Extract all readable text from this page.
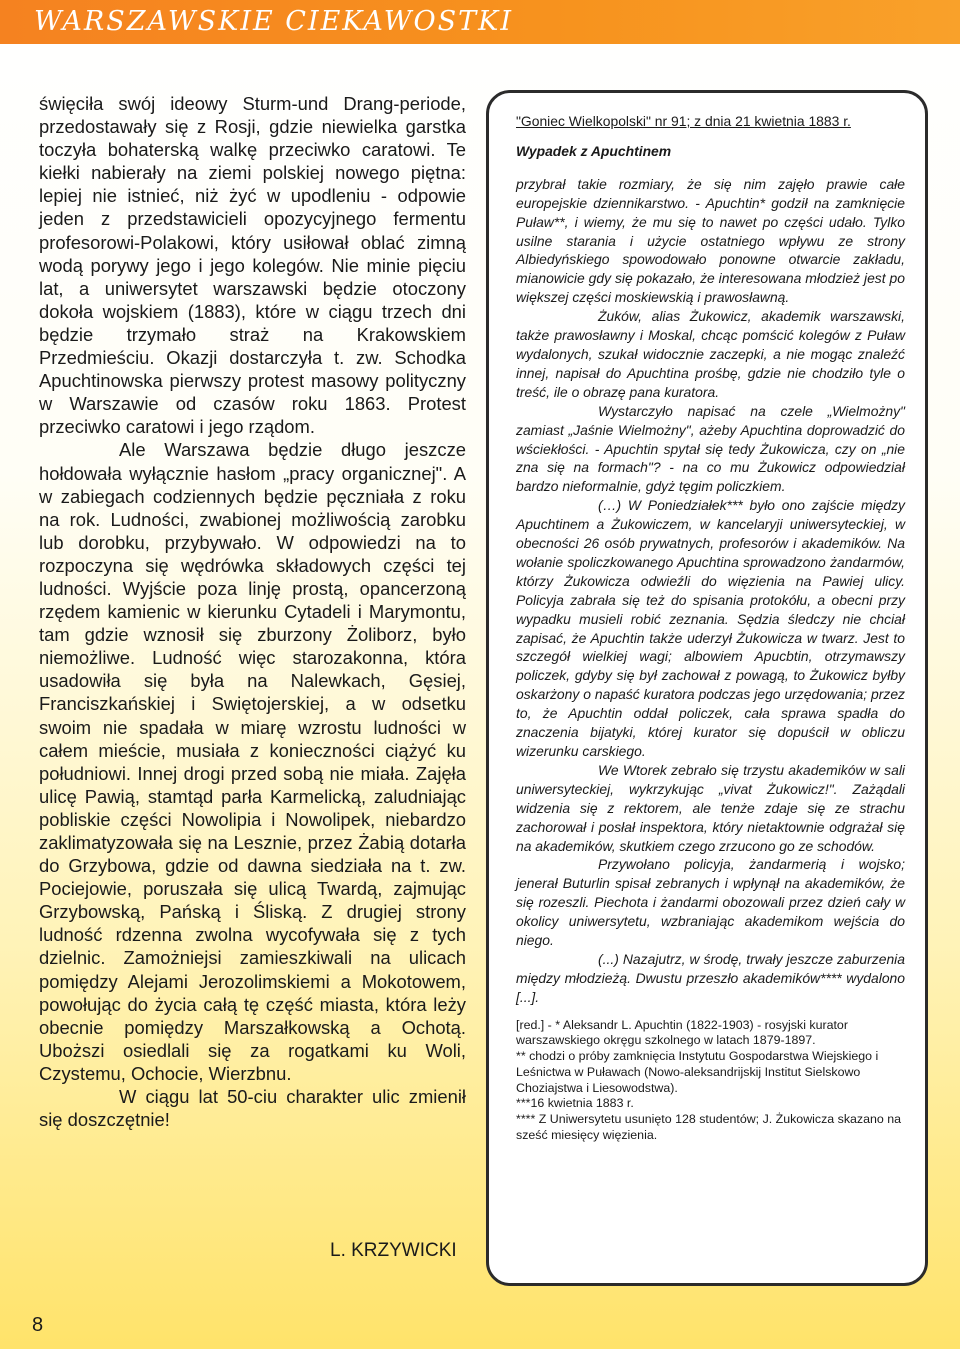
WARSZAWSKIE CIEKAWOSTKI

święciła swój ideowy Sturm-und Drang-periode, przedostawały się z Rosji, gdzie niewielka garstka toczyła bohaterską walkę przeciwko caratowi. Te kiełki nabierały na ziemi polskiej nowego piętna: lepiej nie istnieć, niż żyć w upodleniu - odpowie jeden z przedstawicieli opozycyjnego fermentu profesorowi-Polakowi, który usiłował oblać zimną wodą porywy jego i jego kolegów. Nie minie pięciu lat, a uniwersytet warszawski będzie otoczony dokoła wojskiem (1883), które w ciągu trzech dni będzie trzymało straż na Krakowskiem Przedmieściu. Okazji dostarczyła t. zw. Schodka Apuchtinowska pierwszy protest masowy polityczny w Warszawie od czasów roku 1863. Protest przeciwko caratowi i jego rządom.

Ale Warszawa będzie długo jeszcze hołdowała wyłącznie hasłom „pracy organicznej". A w zabiegach codziennych będzie pęczniała z roku na rok. Ludności, zwabionej możliwością zarobku lub dorobku, przybywało. W odpowiedzi na to rozpoczyna się wędrówka składowych części tej ludności. Wyjście poza linję prostą, opancerzoną rzędem kamienic w kierunku Cytadeli i Marymontu, tam gdzie wznosił się zburzony Żoliborz, było niemożliwe. Ludność więc starozakonna, która usadowiła się była na Nalewkach, Gęsiej, Franciszkańskiej i Swiętojerskiej, a w odsetku swoim nie spadała w miarę wzrostu ludności w całem mieście, musiała z konieczności ciążyć ku południowi. Innej drogi przed sobą nie miała. Zajęła ulicę Pawią, stamtąd parła Karmelicką, zaludniając pobliskie części Nowolipia i Nowolipek, niebardzo zaklimatyzowała się na Lesznie, przez Żabią dotarła do Grzybowa, gdzie od dawna siedziała na t. zw. Pociejowie, poruszała się ulicą Twardą, zajmując Grzybowską, Pańską i Śliską. Z drugiej strony ludność rdzenna zwolna wycofywała się z tych dzielnic. Zamożniejsi zamieszkiwali na ulicach pomiędzy Alejami Jerozolimskiemi a Mokotowem, powołując do życia całą tę część miasta, która leży obecnie pomiędzy Marszałkowską a Ochotą. Uboższi osiedlali się za rogatkami ku Woli, Czystemu, Ochocie, Wierzbnu.

W ciągu lat 50-ciu charakter ulic zmienił się doszczętnie!

L. KRZYWICKI

"Goniec Wielkopolski" nr 91; z dnia 21 kwietnia 1883 r.

Wypadek z Apuchtinem

przybrał takie rozmiary, że się nim zajęło prawie całe europejskie dziennikarstwo. - Apuchtin* godził na zamknięcie Puław**, i wiemy, że mu się to nawet po części udało. Tylko usilne starania i użycie ostatniego wpływu ze strony Albiedyńskiego spowodowało ponowne otwarcie zakładu, mianowicie gdy się pokazało, że interesowana młodzież jest po większej części moskiewskią i prawosławną.

Żuków, alias Żukowicz, akademik warszawski, także prawosławny i Moskal, chcąc pomścić kolegów z Puław wydalonych, szukał widocznie zaczepki, a nie mogąc znaleźć innej, napisał do Apuchtina prośbę, gdzie nie chodziło tyle o treść, ile o obrazę pana kuratora.

Wystarczyło napisać na czele „Wielmożny" zamiast „Jaśnie Wielmożny", ażeby Apuchtina doprowadzić do wściekłości. - Apuchtin spytał się tedy Żukowicza, czy on „nie zna się na formach"? - na co mu Żukowicz odpowiedział bardzo nieformalnie, gdyż tęgim policzkiem.

(…) W Poniedziałek*** było ono zajście między Apuchtinem a Żukowiczem, w kancelaryji uniwersyteckiej, w obecności 26 osób prywatnych, profesorów i akademików. Na wołanie spoliczkowanego Apuchtina sprowadzono żandarmów, którzy Żukowicza odwieźli do więzienia na Pawiej ulicy. Policyja zabrała się też do spisania protokółu, a obecni przy wypadku musieli robić zeznania. Sędzia śledczy nie chciał zapisać, że Apuchtin także uderzył Żukowicza w twarz. Jest to szczegół wielkiej wagi; albowiem Apucbtin, otrzymawszy policzek, gdyby się był zachował z powagą, to Żukowicz byłby oskarżony o napaść kuratora podczas jego urzędowania; przez to, że Apuchtin oddał policzek, cała sprawa spadła do znaczenia bijatyki, której kurator się dopuścił w obliczu wizerunku carskiego.

We Wtorek zebrało się trzystu akademików w sali uniwersyteckiej, wykrzykując „vivat Żukowicz!". Zażądali widzenia się z rektorem, ale tenże zdaje się ze strachu zachorował i posłał inspektora, który nietaktownie odgrażał się na akademików, skutkiem czego zrzucono go ze schodów.

Przywołano policyja, żandarmerią i wojsko; jenerał Buturlin spisał zebranych i wpłynął na akademików, że się rozeszli. Piechota i żandarmi obozowali przez dzień cały w okolicy uniwersytetu, wzbraniając akademikom wejścia do niego.

(...) Nazajutrz, w środę, trwały jeszcze zaburzenia między młodzieżą. Dwustu przeszło akademików**** wydalono [...].

[red.] - * Aleksandr L. Apuchtin (1822-1903) - rosyjski kurator warszawskiego okręgu szkolnego w latach 1879-1897.

** chodzi o próby zamknięcia Instytutu Gospodarstwa Wiejskiego i Leśnictwa w Puławach (Nowo-aleksandrijskij Institut Sielskowo Choziajstwa i Liesowodstwa).

***16 kwietnia 1883 r.

**** Z Uniwersytetu usunięto 128 studentów; J. Żukowicza skazano na sześć miesięcy więzienia.

8
